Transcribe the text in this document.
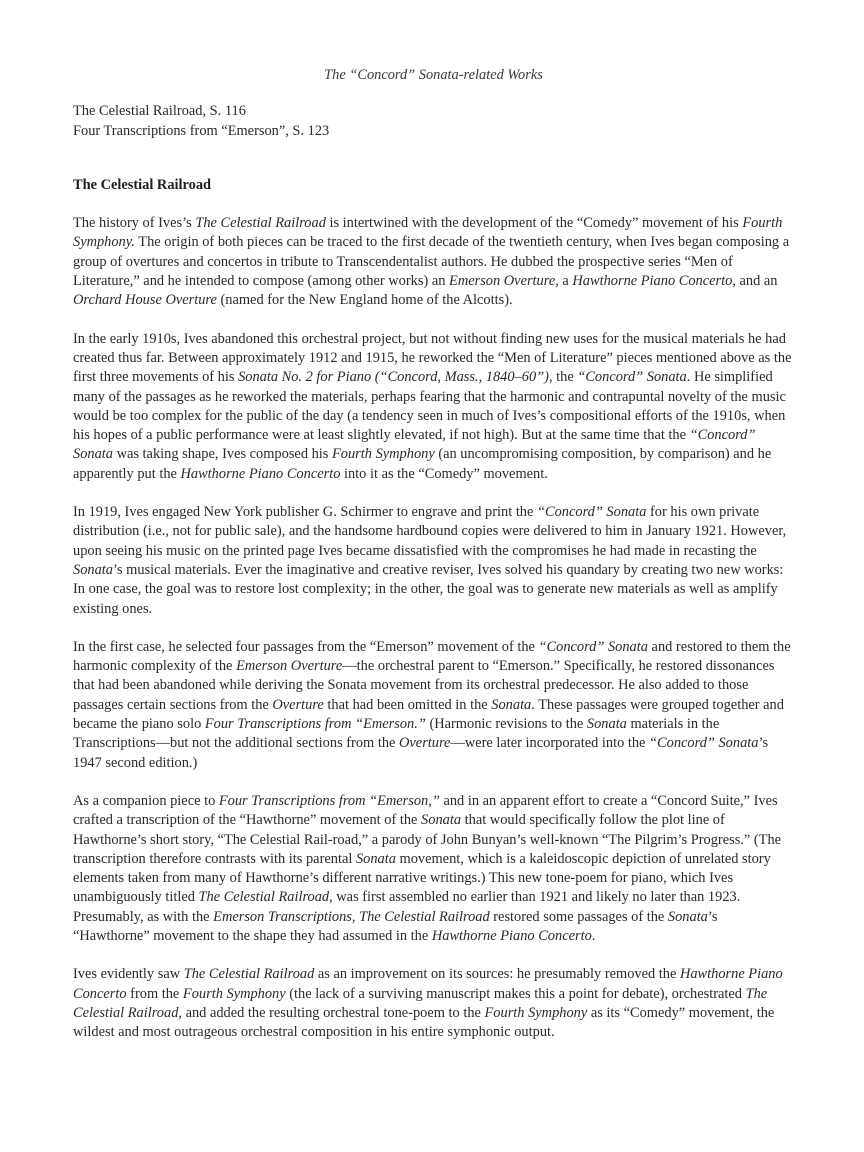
The “Concord” Sonata-related Works
The Celestial Railroad, S. 116
Four Transcriptions from “Emerson”, S. 123
The Celestial Railroad

The history of Ives’s The Celestial Railroad is intertwined with the development of the “Comedy” movement of his Fourth Symphony. The origin of both pieces can be traced to the first decade of the twentieth century, when Ives began composing a group of overtures and concertos in tribute to Transcendentalist authors. He dubbed the prospective series “Men of Literature,” and he intended to compose (among other works) an Emerson Overture, a Hawthorne Piano Concerto, and an Orchard House Overture (named for the New England home of the Alcotts).

In the early 1910s, Ives abandoned this orchestral project, but not without finding new uses for the musical materials he had created thus far. Between approximately 1912 and 1915, he reworked the “Men of Literature” pieces mentioned above as the first three movements of his Sonata No. 2 for Piano (“Concord, Mass., 1840–60”), the “Concord” Sonata. He simplified many of the passages as he reworked the materials, perhaps fearing that the harmonic and contrapuntal novelty of the music would be too complex for the public of the day (a tendency seen in much of Ives’s compositional efforts of the 1910s, when his hopes of a public performance were at least slightly elevated, if not high). But at the same time that the “Concord” Sonata was taking shape, Ives composed his Fourth Symphony (an uncompromising composition, by comparison) and he apparently put the Hawthorne Piano Concerto into it as the “Comedy” movement.

In 1919, Ives engaged New York publisher G. Schirmer to engrave and print the “Concord” Sonata for his own private distribution (i.e., not for public sale), and the handsome hardbound copies were delivered to him in January 1921. However, upon seeing his music on the printed page Ives became dissatisfied with the compromises he had made in recasting the Sonata’s musical materials. Ever the imaginative and creative reviser, Ives solved his quandary by creating two new works: In one case, the goal was to restore lost complexity; in the other, the goal was to generate new materials as well as amplify existing ones.

In the first case, he selected four passages from the “Emerson” movement of the “Concord” Sonata and restored to them the harmonic complexity of the Emerson Overture—the orchestral parent to “Emerson.” Specifically, he restored dissonances that had been abandoned while deriving the Sonata movement from its orchestral predecessor. He also added to those passages certain sections from the Overture that had been omitted in the Sonata. These passages were grouped together and became the piano solo Four Transcriptions from “Emerson.” (Harmonic revisions to the Sonata materials in the Transcriptions—but not the additional sections from the Overture—were later incorporated into the “Concord” Sonata’s 1947 second edition.)

As a companion piece to Four Transcriptions from “Emerson,” and in an apparent effort to create a “Concord Suite,” Ives crafted a transcription of the “Hawthorne” movement of the Sonata that would specifically follow the plot line of Hawthorne’s short story, “The Celestial Rail-road,” a parody of John Bunyan’s well-known “The Pilgrim’s Progress.” (The transcription therefore contrasts with its parental Sonata movement, which is a kaleidoscopic depiction of unrelated story elements taken from many of Hawthorne’s different narrative writings.) This new tone-poem for piano, which Ives unambiguously titled The Celestial Railroad, was first assembled no earlier than 1921 and likely no later than 1923. Presumably, as with the Emerson Transcriptions, The Celestial Railroad restored some passages of the Sonata’s “Hawthorne” movement to the shape they had assumed in the Hawthorne Piano Concerto.

Ives evidently saw The Celestial Railroad as an improvement on its sources: he presumably removed the Hawthorne Piano Concerto from the Fourth Symphony (the lack of a surviving manuscript makes this a point for debate), orchestrated The Celestial Railroad, and added the resulting orchestral tone-poem to the Fourth Symphony as its “Comedy” movement, the wildest and most outrageous orchestral composition in his entire symphonic output.
